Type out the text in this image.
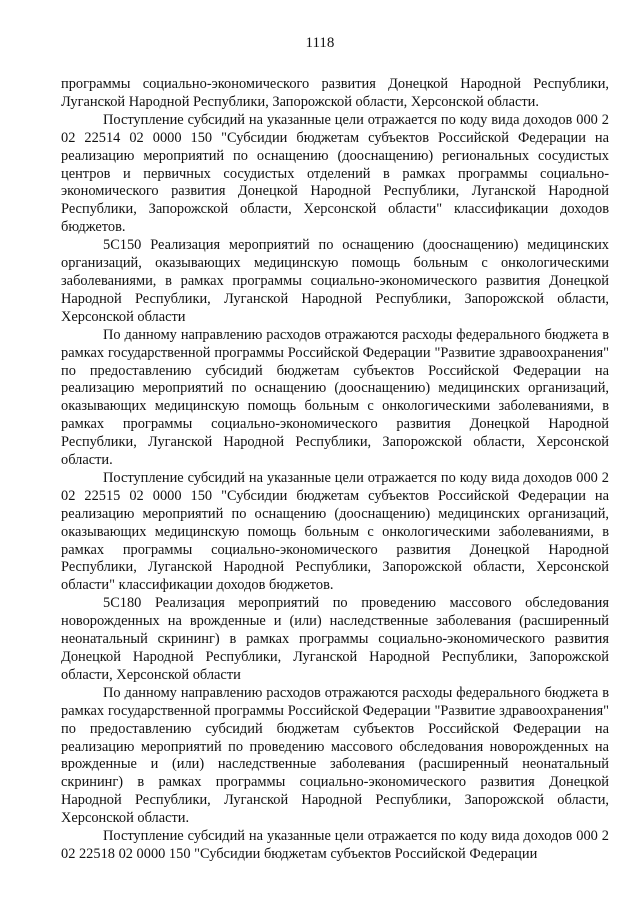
1118

программы социально-экономического развития Донецкой Народной Республики, Луганской Народной Республики, Запорожской области, Херсонской области.

Поступление субсидий на указанные цели отражается по коду вида доходов 000 2 02 22514 02 0000 150 "Субсидии бюджетам субъектов Российской Федерации на реализацию мероприятий по оснащению (дооснащению) региональных сосудистых центров и первичных сосудистых отделений в рамках программы социально-экономического развития Донецкой Народной Республики, Луганской Народной Республики, Запорожской области, Херсонской области" классификации доходов бюджетов.

5С150 Реализация мероприятий по оснащению (дооснащению) медицинских организаций, оказывающих медицинскую помощь больным с онкологическими заболеваниями, в рамках программы социально-экономического развития Донецкой Народной Республики, Луганской Народной Республики, Запорожской области, Херсонской области

По данному направлению расходов отражаются расходы федерального бюджета в рамках государственной программы Российской Федерации "Развитие здравоохранения" по предоставлению субсидий бюджетам субъектов Российской Федерации на реализацию мероприятий по оснащению (дооснащению) медицинских организаций, оказывающих медицинскую помощь больным с онкологическими заболеваниями, в рамках программы социально-экономического развития Донецкой Народной Республики, Луганской Народной Республики, Запорожской области, Херсонской области.

Поступление субсидий на указанные цели отражается по коду вида доходов 000 2 02 22515 02 0000 150 "Субсидии бюджетам субъектов Российской Федерации на реализацию мероприятий по оснащению (дооснащению) медицинских организаций, оказывающих медицинскую помощь больным с онкологическими заболеваниями, в рамках программы социально-экономического развития Донецкой Народной Республики, Луганской Народной Республики, Запорожской области, Херсонской области" классификации доходов бюджетов.

5С180 Реализация мероприятий по проведению массового обследования новорожденных на врожденные и (или) наследственные заболевания (расширенный неонатальный скрининг) в рамках программы социально-экономического развития Донецкой Народной Республики, Луганской Народной Республики, Запорожской области, Херсонской области

По данному направлению расходов отражаются расходы федерального бюджета в рамках государственной программы Российской Федерации "Развитие здравоохранения" по предоставлению субсидий бюджетам субъектов Российской Федерации на реализацию мероприятий по проведению массового обследования новорожденных на врожденные и (или) наследственные заболевания (расширенный неонатальный скрининг) в рамках программы социально-экономического развития Донецкой Народной Республики, Луганской Народной Республики, Запорожской области, Херсонской области.

Поступление субсидий на указанные цели отражается по коду вида доходов 000 2 02 22518 02 0000 150 "Субсидии бюджетам субъектов Российской Федерации
